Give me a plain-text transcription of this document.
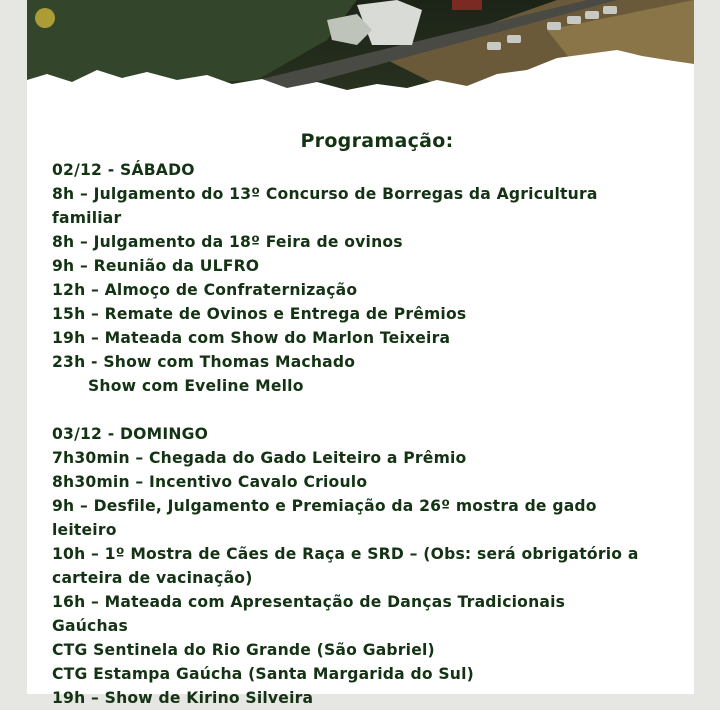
Programação:
02/12 - SÁBADO
8h – Julgamento do 13º Concurso de Borregas da Agricultura
familiar
8h – Julgamento da 18º Feira de ovinos
9h – Reunião da ULFRO
12h – Almoço de Confraternização
15h – Remate de Ovinos e Entrega de Prêmios
19h – Mateada com Show do Marlon Teixeira
23h - Show com Thomas Machado
Show com Eveline Mello
03/12 - DOMINGO
7h30min – Chegada do Gado Leiteiro a Prêmio
8h30min – Incentivo Cavalo Crioulo
9h – Desfile, Julgamento e Premiação da 26º mostra de gado
leiteiro
10h – 1º Mostra de Cães de Raça e SRD – (Obs: será obrigatório a
carteira de vacinação)
16h – Mateada com Apresentação de Danças Tradicionais
Gaúchas
CTG Sentinela do Rio Grande (São Gabriel)
CTG Estampa Gaúcha (Santa Margarida do Sul)
19h – Show de Kirino Silveira
